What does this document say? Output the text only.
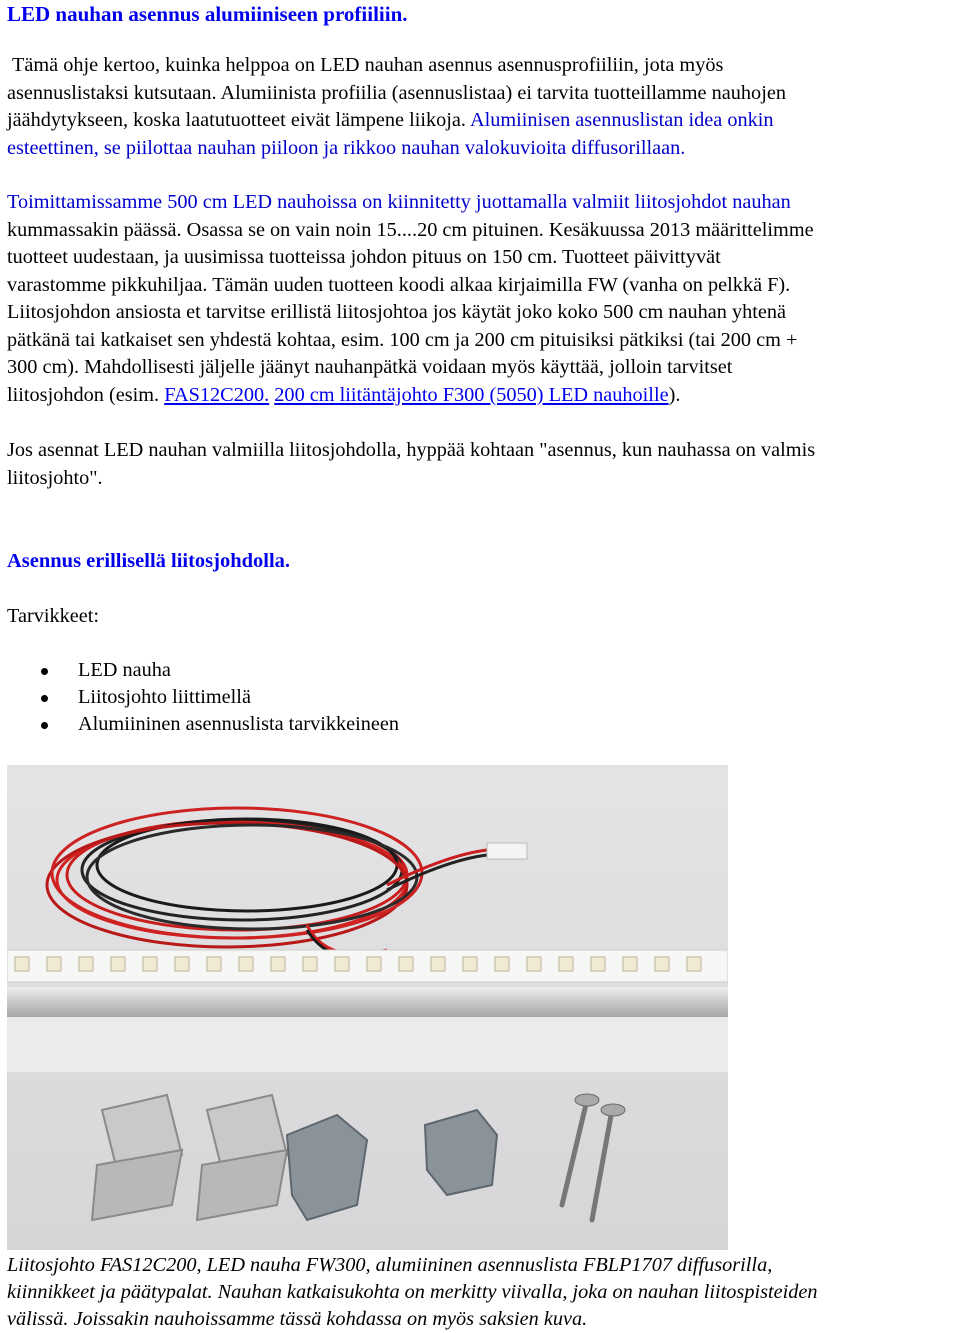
LED nauhan asennus alumiiniseen profiiliin.

Tämä ohje kertoo, kuinka helppoa on LED nauhan asennus asennusprofiiliin, jota myös

asennuslistaksi kutsutaan. Alumiinista profiilia (asennuslistaa) ei tarvita tuotteillamme nauhojen

jäähdytykseen, koska laatutuotteet eivät lämpene liikoja. Alumiinisen asennuslistan idea onkin

esteettinen, se piilottaa nauhan piiloon ja rikkoo nauhan valokuvioita diffusorillaan.

Toimittamissamme 500 cm LED nauhoissa on kiinnitetty juottamalla valmiit liitosjohdot nauhan

kummassakin päässä. Osassa se on vain noin 15....20 cm pituinen. Kesäkuussa 2013 määrittelimme

tuotteet uudestaan, ja uusimissa tuotteissa johdon pituus on 150 cm. Tuotteet päivittyvät

varastomme pikkuhiljaa. Tämän uuden tuotteen koodi alkaa kirjaimilla FW (vanha on pelkkä F).

Liitosjohdon ansiosta et tarvitse erillistä liitosjohtoa jos käytät joko koko 500 cm nauhan yhtenä

pätkänä tai katkaiset sen yhdestä kohtaa, esim. 100 cm ja 200 cm pituisiksi pätkiksi (tai 200 cm +

300 cm). Mahdollisesti jäljelle jäänyt nauhanpätkä voidaan myös käyttää, jolloin tarvitset

liitosjohdon (esim. FAS12C200. 200 cm liitäntäjohto F300 (5050) LED nauhoille).

Jos asennat LED nauhan valmiilla liitosjohdolla, hyppää kohtaan "asennus, kun nauhassa on valmis

liitosjohto".

Asennus erillisellä liitosjohdolla.

Tarvikkeet:

LED nauha
Liitosjohto liittimellä
Alumiininen asennuslista tarvikkeineen
Liitosjohto FAS12C200, LED nauha FW300, alumiininen asennuslista FBLP1707 diffusorilla,
kiinnikkeet ja päätypalat. Nauhan katkaisukohta on merkitty viivalla, joka on nauhan liitospisteiden
välissä. Joissakin nauhoissamme tässä kohdassa on myös saksien kuva.
